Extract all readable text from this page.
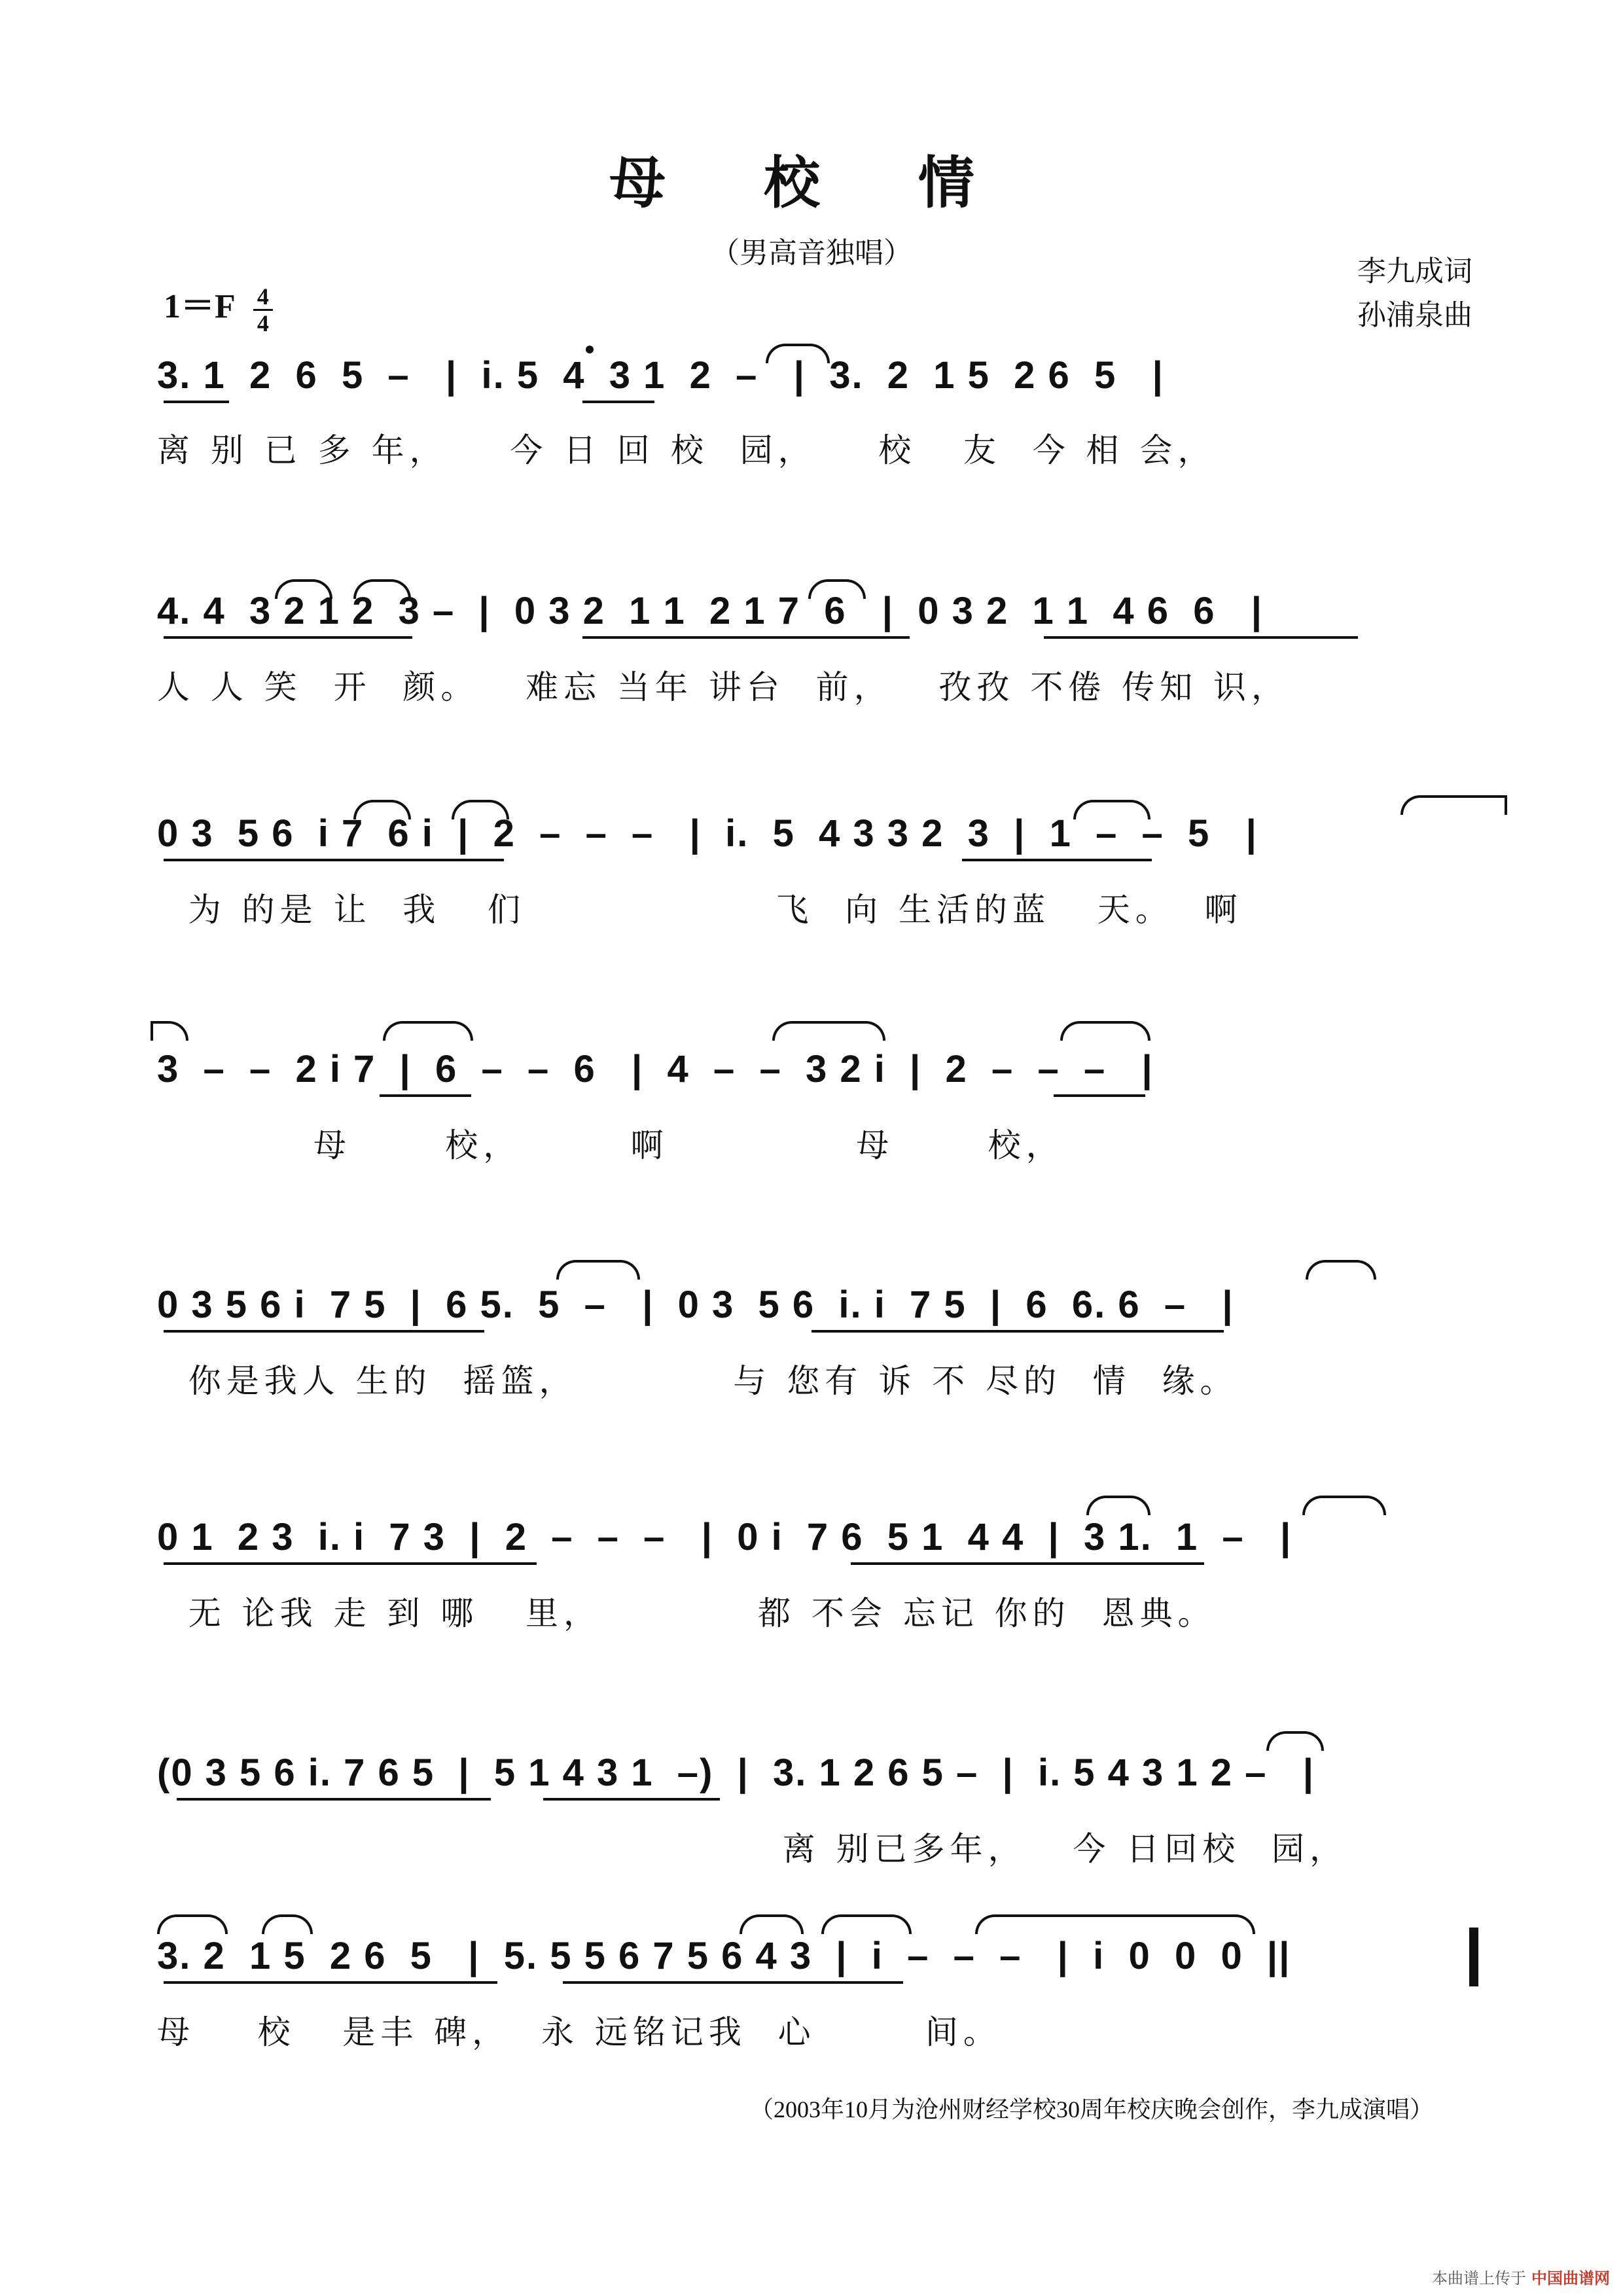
母 校 情
（男高音独唱）
李九成词
孙浦泉曲
$1=F \frac{4}{4}$
3. 1  2  6  5  –   |  i. 5  4  3 1  2  –   |  3.  2  1 5  2 6  5   |
离 别 已 多 年，    今 日 回 校  园，    校   友  今 相 会，
4. 4  3 2 1 2  3 –  |  0 3 2  1 1  2 1 7  6   |  0 3 2  1 1  4 6  6   |
人 人 笑  开  颜。   难忘 当年 讲台  前，   孜孜 不倦 传知 识，
0 3  5 6  i 7  6 i  |  2  –  –  –   |  i.  5  4 3 3 2  3  |  1  –  –  5   |
为 的是 让  我   们                飞  向 生活的蓝   天。  啊
3  –  –  2 i 7  |  6  –  –  6   |  4  –  –  3 2 i  |  2  –  –  –   |
母      校，       啊            母      校，
0 3 5 6 i  7 5  |  6 5.  5  –   |  0 3  5 6  i. i  7 5  |  6  6. 6  –   |
你是我人 生的  摇篮，          与 您有 诉 不 尽的  情  缘。
0 1  2 3  i. i  7 3  |  2  –  –  –   |  0 i  7 6  5 1  4 4  |  3 1.  1  –   |
无 论我 走 到 哪   里，          都 不会 忘记 你的  恩典。
(0 3 5 6 i. 7 6 5  |  5 1 4 3 1  –)  |  3. 1 2 6 5 –  |  i. 5 4 3 1 2 –   |
离 别已多年，   今 日回校  园，
3. 2  1 5  2 6  5   |  5. 5 5 6 7 5 6 4 3  |  i  –  –  –   |  i  0  0  0  ||
母    校   是丰 碑，  永 远铭记我  心       间。
（2003年10月为沧州财经学校30周年校庆晚会创作，李九成演唱）
本曲谱上传于 中国曲谱网
